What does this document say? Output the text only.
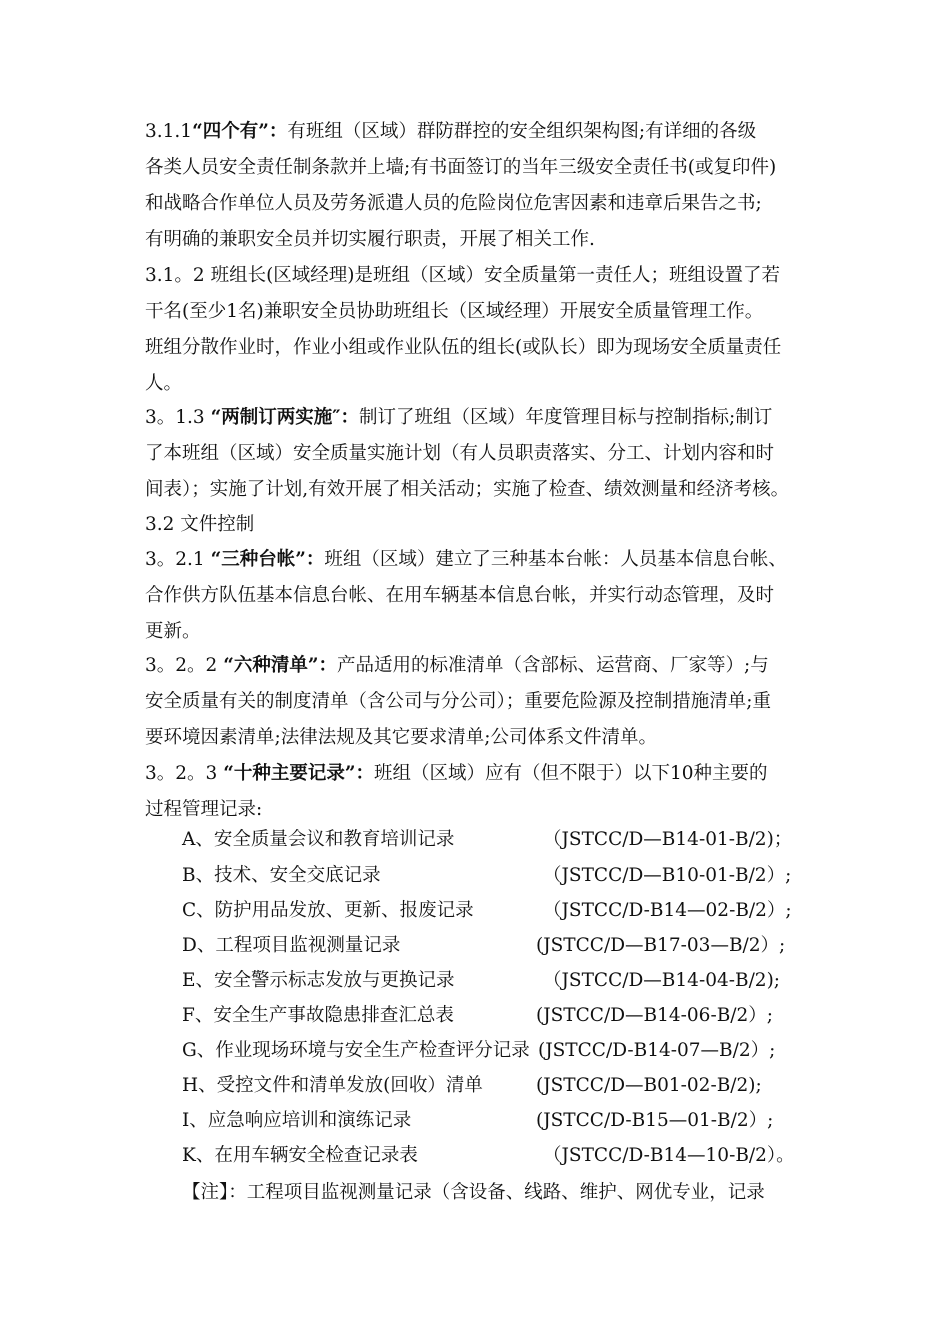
3.1.1“四个有”：有班组（区域）群防群控的安全组织架构图;有详细的各级
各类人员安全责任制条款并上墙;有书面签订的当年三级安全责任书(或复印件)
和战略合作单位人员及劳务派遣人员的危险岗位危害因素和违章后果告之书;
有明确的兼职安全员并切实履行职责，开展了相关工作.
3.1。2 班组长(区域经理)是班组（区域）安全质量第一责任人；班组设置了若
干名(至少1名)兼职安全员协助班组长（区域经理）开展安全质量管理工作。
班组分散作业时，作业小组或作业队伍的组长(或队长）即为现场安全质量责任
人。
3。1.3 “两制订两实施″：制订了班组（区域）年度管理目标与控制指标;制订
了本班组（区域）安全质量实施计划（有人员职责落实、分工、计划内容和时
间表）；实施了计划,有效开展了相关活动；实施了检查、绩效测量和经济考核。
3.2 文件控制
3。2.1 “三种台帐”：班组（区域）建立了三种基本台帐：人员基本信息台帐、
合作供方队伍基本信息台帐、在用车辆基本信息台帐，并实行动态管理，及时
更新。
3。2。2 “六种清单”：产品适用的标准清单（含部标、运营商、厂家等）;与
安全质量有关的制度清单（含公司与分公司）；重要危险源及控制措施清单;重
要环境因素清单;法律法规及其它要求清单;公司体系文件清单。
3。2。3 “十种主要记录”：班组（区域）应有（但不限于）以下10种主要的
过程管理记录:
A、安全质量会议和教育培训记录	（JSTCC/D—B14-01-B/2)；
B、技术、安全交底记录	（JSTCC/D—B10-01-B/2）;
C、防护用品发放、更新、报废记录	（JSTCC/D-B14—02-B/2）;
D、工程项目监视测量记录	(JSTCC/D—B17-03—B/2）;
E、安全警示标志发放与更换记录	（JSTCC/D—B14-04-B/2);
F、安全生产事故隐患排查汇总表	(JSTCC/D—B14-06-B/2）;
G、作业现场环境与安全生产检查评分记录 (JSTCC/D-B14-07—B/2）;
H、受控文件和清单发放(回收）清单	(JSTCC/D—B01-02-B/2);
I、应急响应培训和演练记录	(JSTCC/D-B15—01-B/2）;
K、在用车辆安全检查记录表	（JSTCC/D-B14—10-B/2）。
【注】：工程项目监视测量记录（含设备、线路、维护、网优专业，记录
